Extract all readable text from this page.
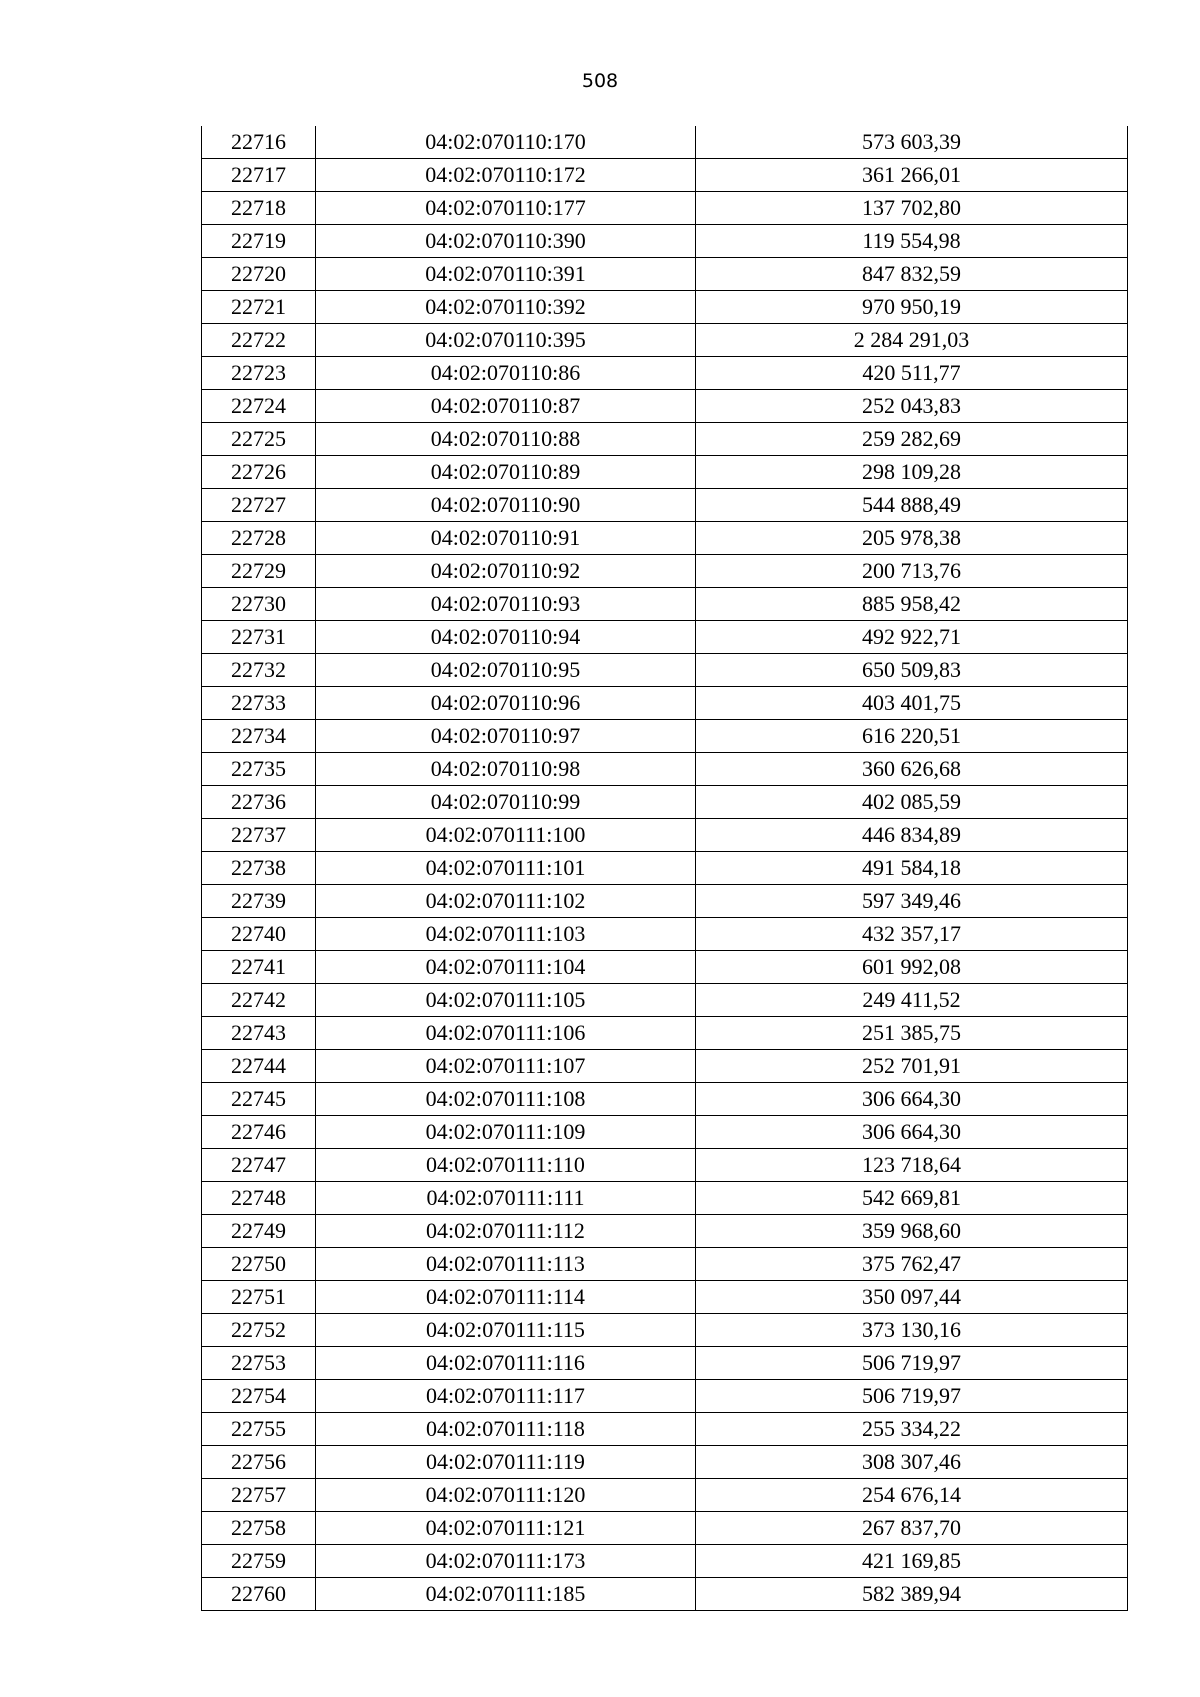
508
22716	04:02:070110:170	573 603,39
22717	04:02:070110:172	361 266,01
22718	04:02:070110:177	137 702,80
22719	04:02:070110:390	119 554,98
22720	04:02:070110:391	847 832,59
22721	04:02:070110:392	970 950,19
22722	04:02:070110:395	2 284 291,03
22723	04:02:070110:86	420 511,77
22724	04:02:070110:87	252 043,83
22725	04:02:070110:88	259 282,69
22726	04:02:070110:89	298 109,28
22727	04:02:070110:90	544 888,49
22728	04:02:070110:91	205 978,38
22729	04:02:070110:92	200 713,76
22730	04:02:070110:93	885 958,42
22731	04:02:070110:94	492 922,71
22732	04:02:070110:95	650 509,83
22733	04:02:070110:96	403 401,75
22734	04:02:070110:97	616 220,51
22735	04:02:070110:98	360 626,68
22736	04:02:070110:99	402 085,59
22737	04:02:070111:100	446 834,89
22738	04:02:070111:101	491 584,18
22739	04:02:070111:102	597 349,46
22740	04:02:070111:103	432 357,17
22741	04:02:070111:104	601 992,08
22742	04:02:070111:105	249 411,52
22743	04:02:070111:106	251 385,75
22744	04:02:070111:107	252 701,91
22745	04:02:070111:108	306 664,30
22746	04:02:070111:109	306 664,30
22747	04:02:070111:110	123 718,64
22748	04:02:070111:111	542 669,81
22749	04:02:070111:112	359 968,60
22750	04:02:070111:113	375 762,47
22751	04:02:070111:114	350 097,44
22752	04:02:070111:115	373 130,16
22753	04:02:070111:116	506 719,97
22754	04:02:070111:117	506 719,97
22755	04:02:070111:118	255 334,22
22756	04:02:070111:119	308 307,46
22757	04:02:070111:120	254 676,14
22758	04:02:070111:121	267 837,70
22759	04:02:070111:173	421 169,85
22760	04:02:070111:185	582 389,94
